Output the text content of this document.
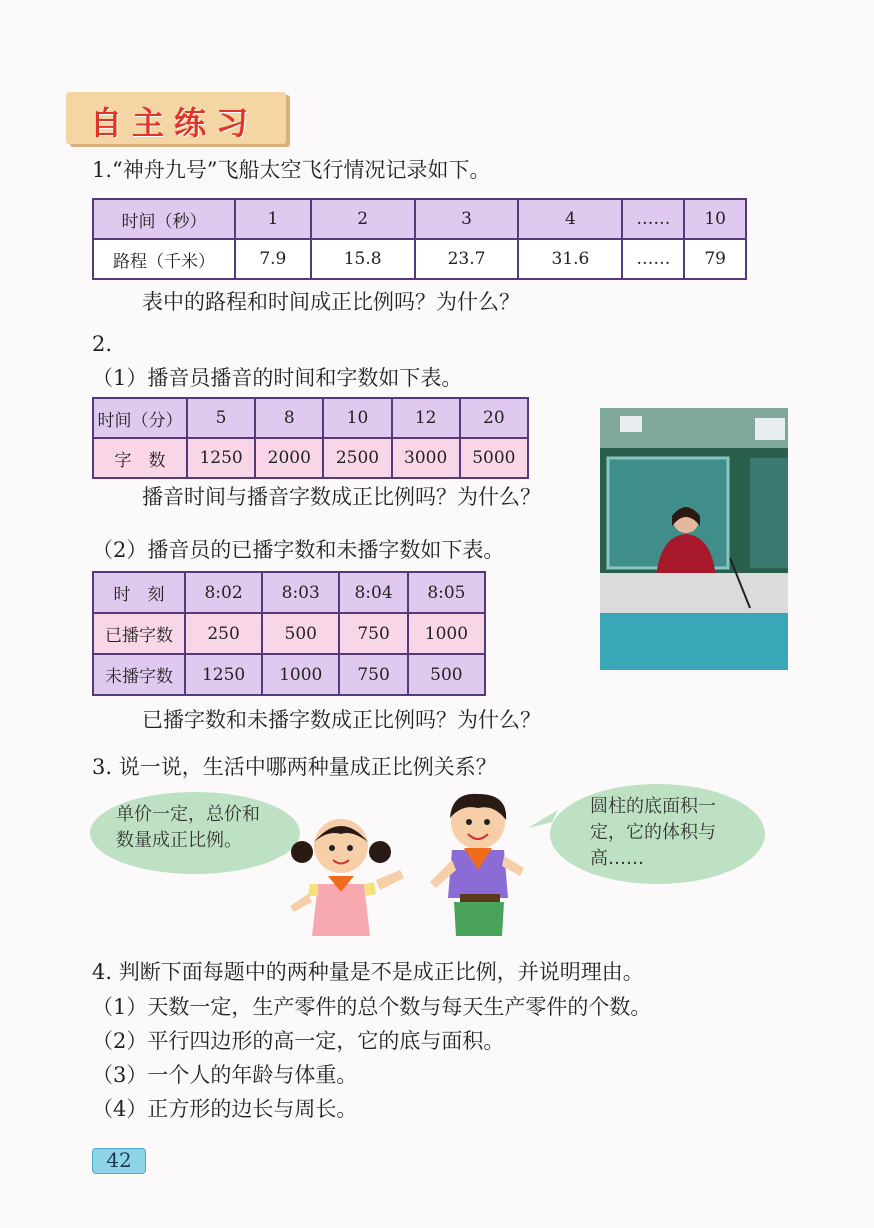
自主练习
1.“神舟九号”飞船太空飞行情况记录如下。
时间（秒）	1	2	3	4	……	10
路程（千米）	7.9	15.8	23.7	31.6	……	79
表中的路程和时间成正比例吗？为什么？
2.
（1）播音员播音的时间和字数如下表。
时间（分）	5	8	10	12	20
字　数	1250	2000	2500	3000	5000
播音时间与播音字数成正比例吗？为什么？
（2）播音员的已播字数和未播字数如下表。
时　刻	8:02	8:03	8:04	8:05
已播字数	250	500	750	1000
未播字数	1250	1000	750	500
已播字数和未播字数成正比例吗？为什么？
3. 说一说，生活中哪两种量成正比例关系？
单价一定，总价和
数量成正比例。
圆柱的底面积一
定，它的体积与
高……
4. 判断下面每题中的两种量是不是成正比例，并说明理由。
（1）天数一定，生产零件的总个数与每天生产零件的个数。
（2）平行四边形的高一定，它的底与面积。
（3）一个人的年龄与体重。
（4）正方形的边长与周长。
42
